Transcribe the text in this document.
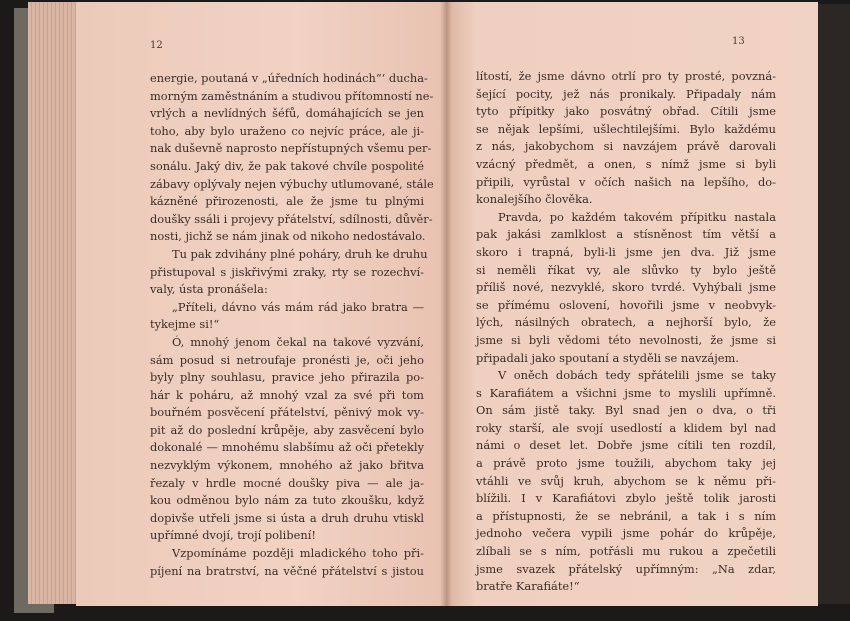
12
energie, poutaná v „úředních hodinách“‘ ducha-
morným zaměstnáním a studivou přítomností ne-
vrlých a nevlídných šéfů, domáhajících se jen
toho, aby bylo uraženo co nejvíc práce, ale ji-
nak duševně naprosto nepřístupných všemu per-
sonálu. Jaký div, že pak takové chvíle pospolité
zábavy oplývaly nejen výbuchy utlumované, stále
kázněné přirozenosti, ale že jsme tu plnými
doušky ssáli i projevy přátelství, sdílnosti, důvěr-
nosti, jichž se nám jinak od nikoho nedostávalo.
Tu pak zdvihány plné poháry, druh ke druhu
přistupoval s jiskřivými zraky, rty se rozechví-
valy, ústa pronášela:
„Příteli, dávno vás mám rád jako bratra —
tykejme si!“
Ó, mnohý jenom čekal na takové vyzvání,
sám posud si netroufaje pronésti je, oči jeho
byly plny souhlasu, pravice jeho přirazila po-
hár k poháru, až mnohý vzal za své při tom
bouřném posvěcení přátelství, pěnivý mok vy-
pit až do poslední krůpěje, aby zasvěcení bylo
dokonalé — mnohému slabšímu až oči přetekly
nezvyklým výkonem, mnohého až jako břitva
řezaly v hrdle mocné doušky piva — ale ja-
kou odměnou bylo nám za tuto zkoušku, když
dopivše utřeli jsme si ústa a druh druhu vtiskl
upřímné dvojí, trojí polibení!
Vzpomínáme později mladického toho při-
píjení na bratrství, na věčné přátelství s jistou
13
lítostí, že jsme dávno otrlí pro ty prosté, povzná-
šející pocity, jež nás pronikaly. Připadaly nám
tyto přípitky jako posvátný obřad. Cítili jsme
se nějak lepšími, ušlechtilejšími. Bylo každému
z nás, jakobychom si navzájem právě darovali
vzácný předmět, a onen, s nímž jsme si byli
připili, vyrůstal v očích našich na lepšího, do-
konalejšího člověka.
Pravda, po každém takovém přípitku nastala
pak jakási zamlklost a stísněnost tím větší a
skoro i trapná, byli-li jsme jen dva. Již jsme
si neměli říkat vy, ale slůvko ty bylo ještě
příliš nové, nezvyklé, skoro tvrdé. Vyhýbali jsme
se přímému oslovení, hovořili jsme v neobvyk-
lých, násilných obratech, a nejhorší bylo, že
jsme si byli vědomi této nevolnosti, že jsme si
připadali jako spoutaní a styděli se navzájem.
V oněch dobách tedy spřátelili jsme se taky
s Karafiátem a všichni jsme to myslili upřímně.
On sám jistě taky. Byl snad jen o dva, o tři
roky starší, ale svojí usedlostí a klidem byl nad
námi o deset let. Dobře jsme cítili ten rozdíl,
a právě proto jsme toužili, abychom taky jej
vtáhli ve svůj kruh, abychom se k němu při-
blížili. I v Karafiátovi zbylo ještě tolik jarosti
a přístupnosti, že se nebránil, a tak i s ním
jednoho večera vypili jsme pohár do krůpěje,
zlíbali se s ním, potřásli mu rukou a zpečetili
jsme svazek přátelský upřímným: „Na zdar,
bratře Karafiáte!“
